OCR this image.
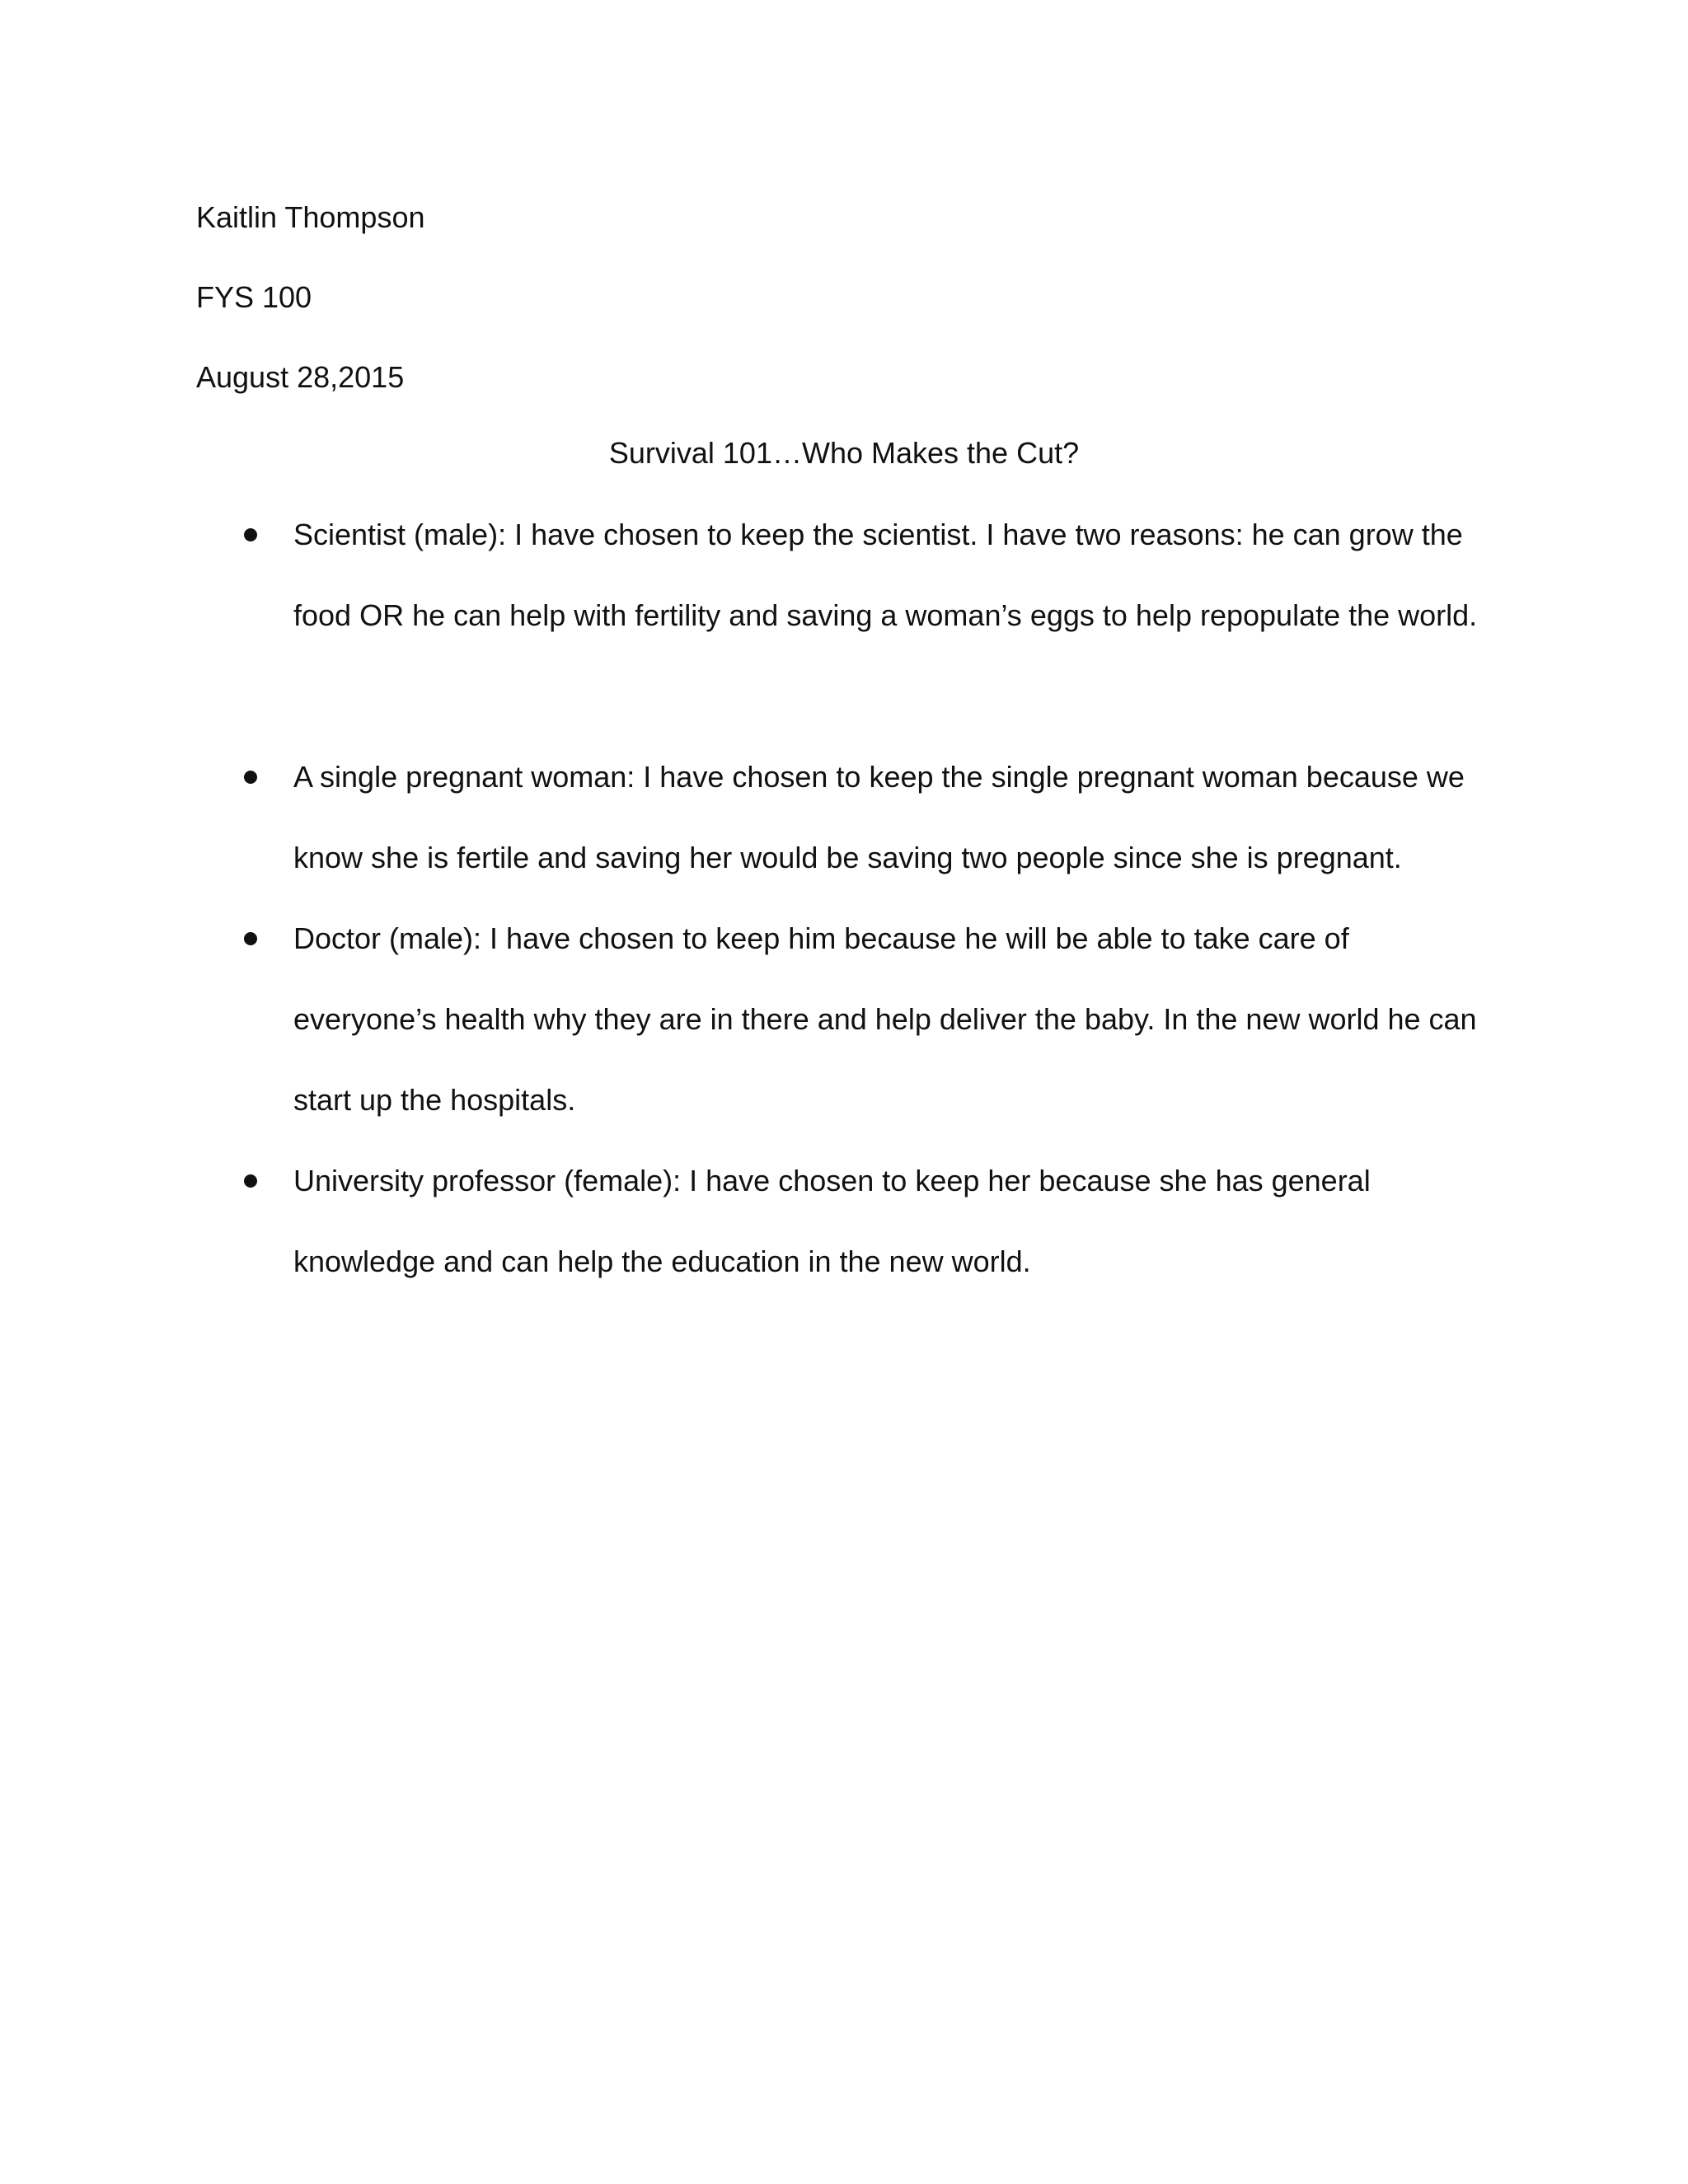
Kaitlin Thompson
FYS 100
August 28,2015
Survival 101…Who Makes the Cut?
Scientist (male): I have chosen to keep the scientist. I have two reasons: he can grow the food OR he can help with fertility and saving a woman’s eggs to help repopulate the world.
A single pregnant woman: I have chosen to keep the single pregnant woman because we know she is fertile and saving her would be saving two people since she is pregnant.
Doctor (male): I have chosen to keep him because he will be able to take care of everyone’s health why they are in there and help deliver the baby. In the new world he can start up the hospitals.
University professor (female): I have chosen to keep her because she has general knowledge and can help the education in the new world.
